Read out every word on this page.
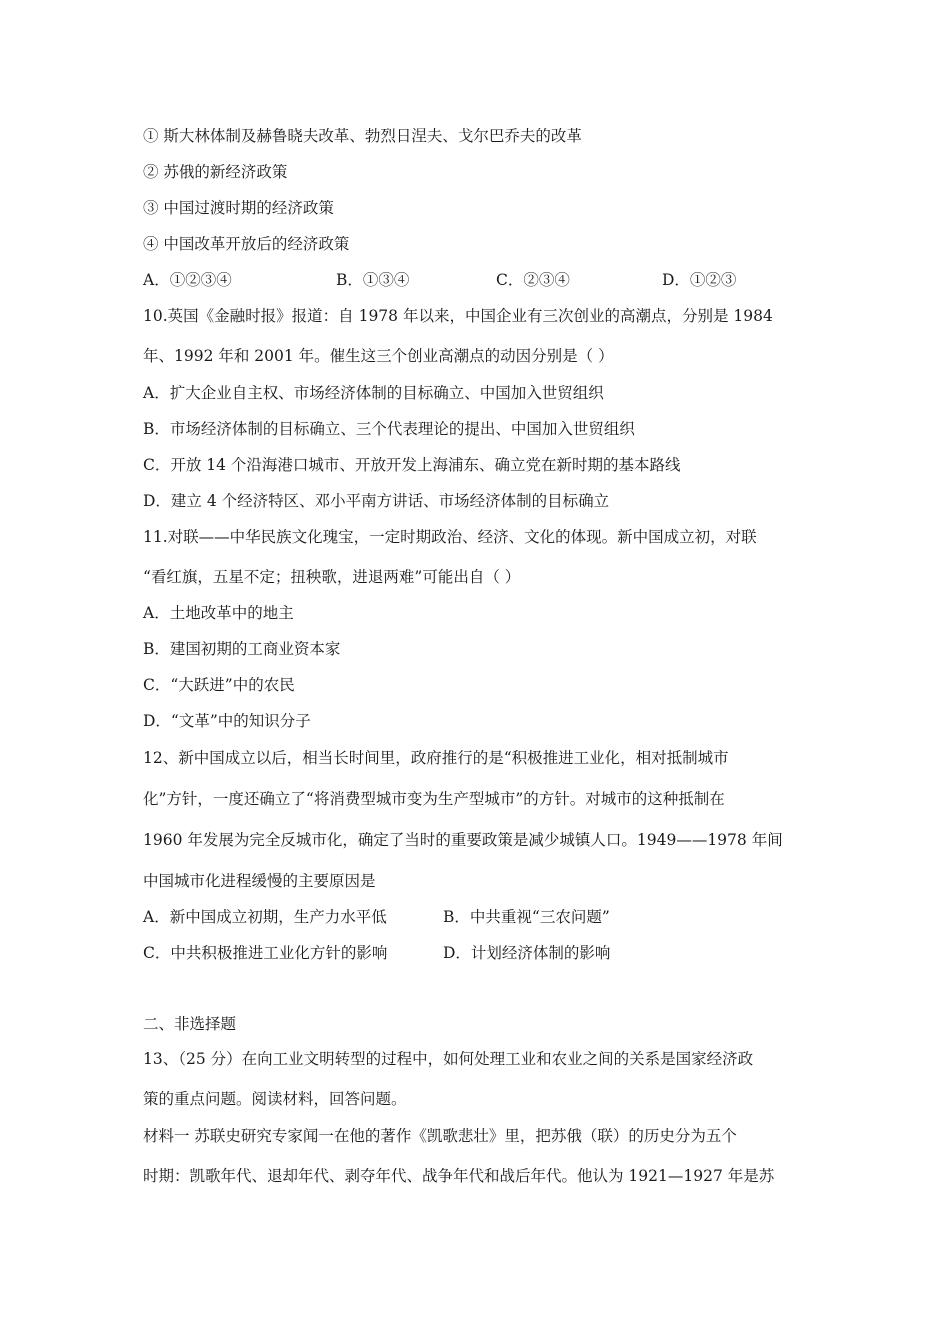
① 斯大林体制及赫鲁晓夫改革、勃烈日涅夫、戈尔巴乔夫的改革
② 苏俄的新经济政策
③ 中国过渡时期的经济政策
④ 中国改革开放后的经济政策
A．①②③④	B．①③④	C．②③④	D．①②③
10.英国《金融时报》报道：自 1978 年以来，中国企业有三次创业的高潮点，分别是 1984
年、1992 年和 2001 年。催生这三个创业高潮点的动因分别是（ ）
A．扩大企业自主权、市场经济体制的目标确立、中国加入世贸组织
B．市场经济体制的目标确立、三个代表理论的提出、中国加入世贸组织
C．开放 14 个沿海港口城市、开放开发上海浦东、确立党在新时期的基本路线
D．建立 4 个经济特区、邓小平南方讲话、市场经济体制的目标确立
11.对联——中华民族文化瑰宝，一定时期政治、经济、文化的体现。新中国成立初，对联
“看红旗，五星不定；扭秧歌，进退两难”可能出自（ ）
A．土地改革中的地主
B．建国初期的工商业资本家
C．“大跃进”中的农民
D．“文革”中的知识分子
12、新中国成立以后，相当长时间里，政府推行的是“积极推进工业化，相对抵制城市
化”方针，一度还确立了“将消费型城市变为生产型城市”的方针。对城市的这种抵制在
1960 年发展为完全反城市化，确定了当时的重要政策是减少城镇人口。1949——1978 年间
中国城市化进程缓慢的主要原因是
A．新中国成立初期，生产力水平低	B．中共重视“三农问题”
C．中共积极推进工业化方针的影响	D．计划经济体制的影响
二、非选择题
13、（25 分）在向工业文明转型的过程中，如何处理工业和农业之间的关系是国家经济政
策的重点问题。阅读材料，回答问题。
材料一 苏联史研究专家闻一在他的著作《凯歌悲壮》里，把苏俄（联）的历史分为五个
时期：凯歌年代、退却年代、剥夺年代、战争年代和战后年代。他认为 1921—1927 年是苏
